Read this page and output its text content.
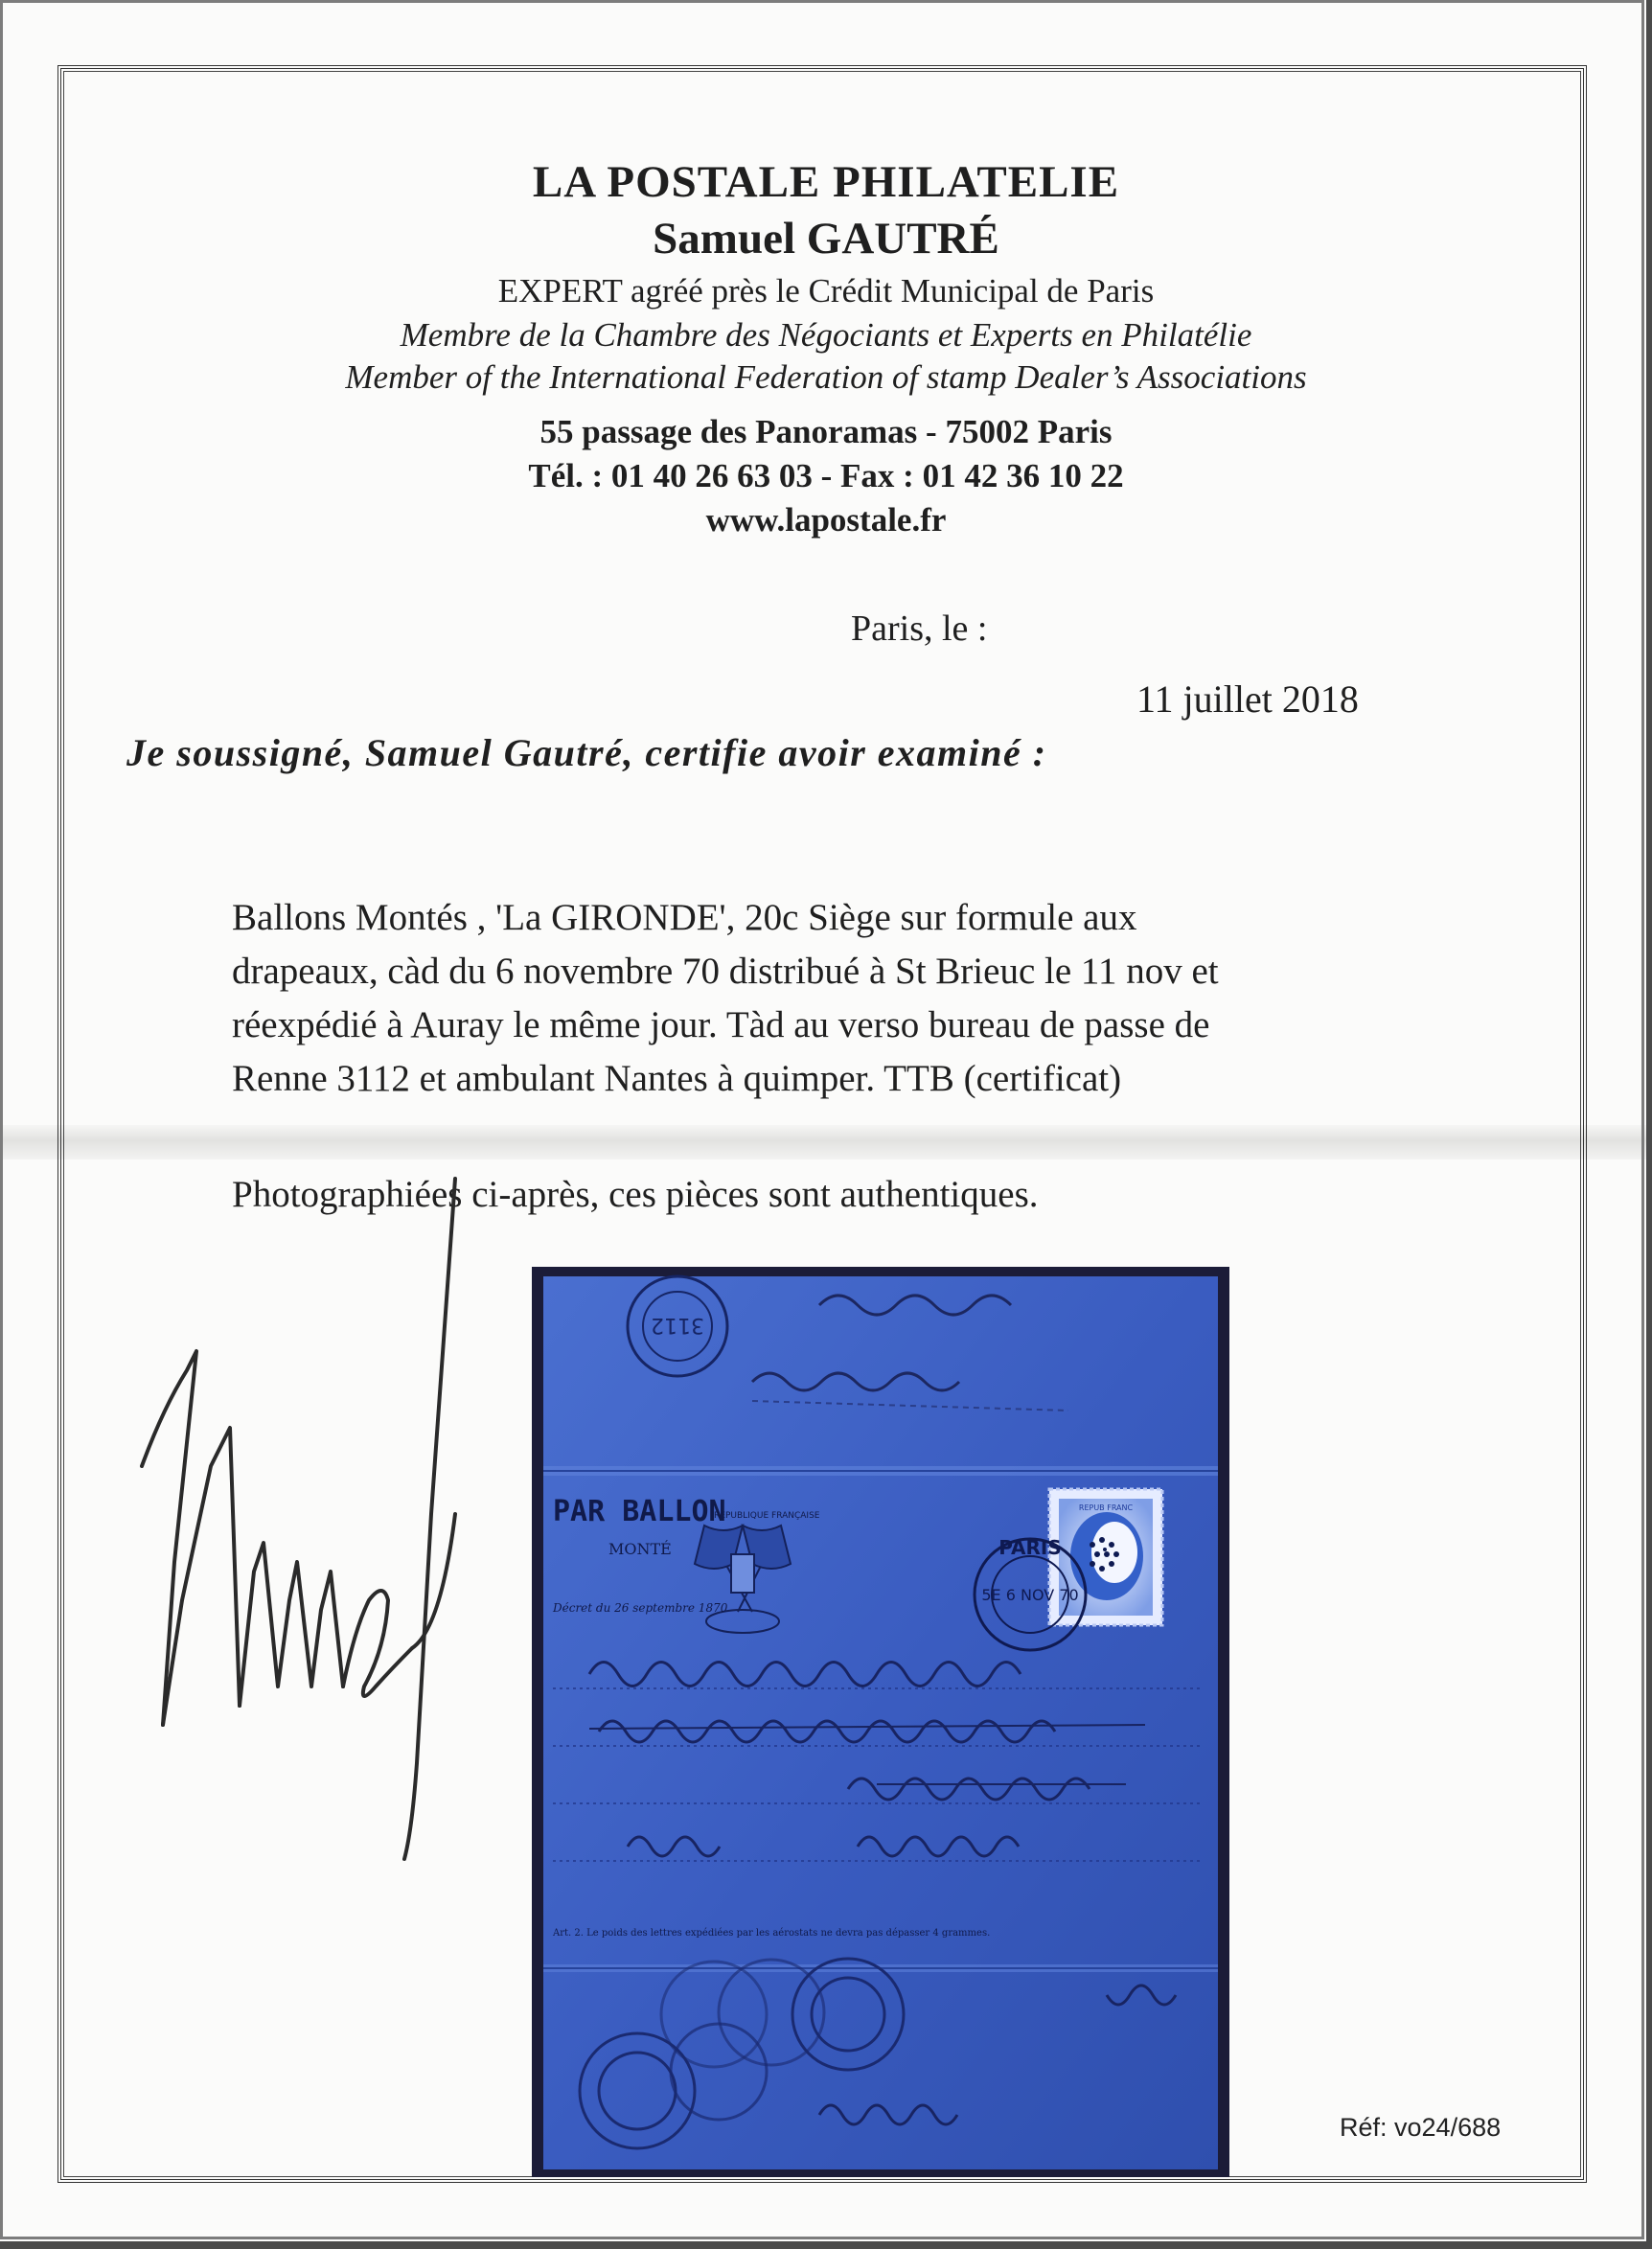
LA POSTALE PHILATELIE
Samuel GAUTRÉ
EXPERT agréé près le Crédit Municipal de Paris
Membre de la Chambre des Négociants et Experts en Philatélie
Member of the International Federation of stamp Dealer’s Associations
55 passage des Panoramas - 75002 Paris
Tél. : 01 40 26 63 03 - Fax : 01 42 36 10 22
www.lapostale.fr
Paris, le :
11 juillet 2018
Je soussigné, Samuel Gautré, certifie avoir examiné :
Ballons Montés , 'La GIRONDE', 20c Siège sur formule aux
drapeaux, càd du 6 novembre 70 distribué à St Brieuc le 11 nov et
réexpédié à Auray le même jour. Tàd au verso bureau de passe de
Renne 3112 et ambulant Nantes à quimper. TTB (certificat)
Photographiées ci-après, ces pièces sont authentiques.
3112
PAR BALLON
MONTÉ
RÉPUBLIQUE FRANÇAISE
Décret du 26 septembre 1870
REPUB FRANC
PARIS
5E 6 NOV 70
Art. 2. Le poids des lettres expédiées par les aérostats ne devra pas dépasser 4 grammes.
Réf: vo24/688
